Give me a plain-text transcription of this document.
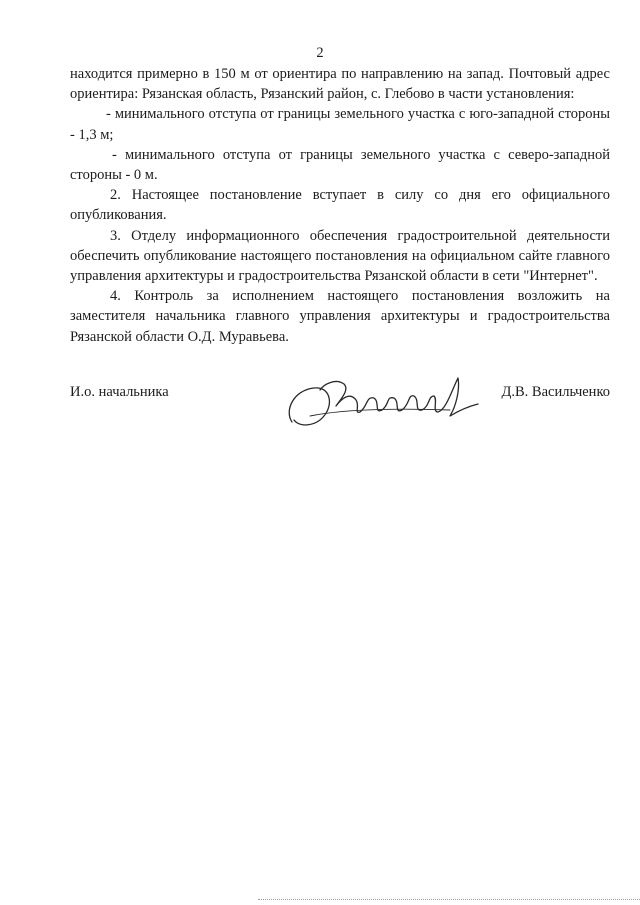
2

находится примерно в 150 м от ориентира по направлению на запад. Почтовый адрес ориентира: Рязанская область, Рязанский район, с. Глебово в части установления:

- минимального отступа от границы земельного участка с юго-западной стороны - 1,3 м;

- минимального отступа от границы земельного участка с северо-западной стороны - 0 м.

2. Настоящее постановление вступает в силу со дня его официального опубликования.

3. Отделу информационного обеспечения градостроительной деятельности обеспечить опубликование настоящего постановления на официальном сайте главного управления архитектуры и градостроительства Рязанской области в сети "Интернет".

4. Контроль за исполнением настоящего постановления возложить на заместителя начальника главного управления архитектуры и градостроительства Рязанской области О.Д. Муравьева.

И.о. начальника	Д.В. Васильченко
